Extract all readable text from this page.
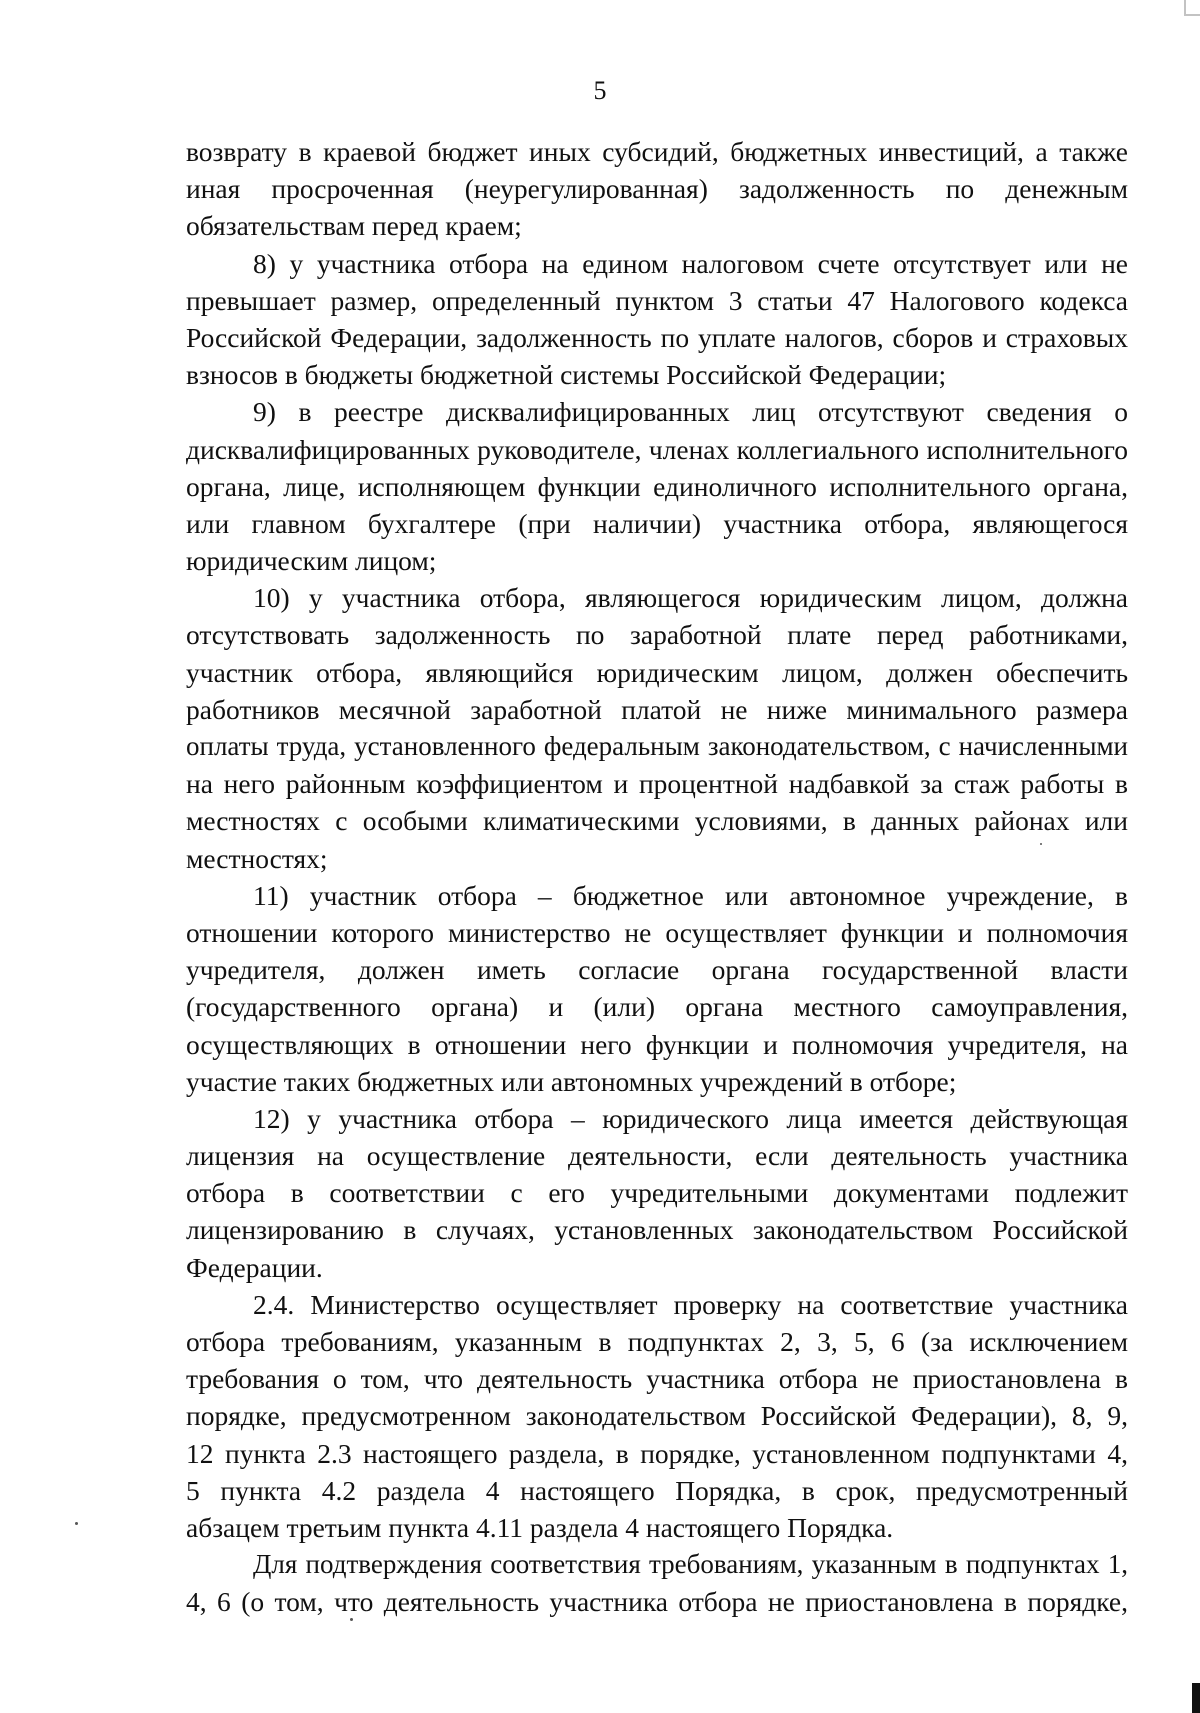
5
возврату в краевой бюджет иных субсидий, бюджетных инвестиций, а также
иная просроченная (неурегулированная) задолженность по денежным
обязательствам перед краем;
8) у участника отбора на едином налоговом счете отсутствует или не
превышает размер, определенный пунктом 3 статьи 47 Налогового кодекса
Российской Федерации, задолженность по уплате налогов, сборов и страховых
взносов в бюджеты бюджетной системы Российской Федерации;
9) в реестре дисквалифицированных лиц отсутствуют сведения о
дисквалифицированных руководителе, членах коллегиального исполнительного
органа, лице, исполняющем функции единоличного исполнительного органа,
или главном бухгалтере (при наличии) участника отбора, являющегося
юридическим лицом;
10) у участника отбора, являющегося юридическим лицом, должна
отсутствовать задолженность по заработной плате перед работниками,
участник отбора, являющийся юридическим лицом, должен обеспечить
работников месячной заработной платой не ниже минимального размера
оплаты труда, установленного федеральным законодательством, с начисленными
на него районным коэффициентом и процентной надбавкой за стаж работы в
местностях с особыми климатическими условиями, в данных районах или
местностях;
11) участник отбора – бюджетное или автономное учреждение, в
отношении которого министерство не осуществляет функции и полномочия
учредителя, должен иметь согласие органа государственной власти
(государственного органа) и (или) органа местного самоуправления,
осуществляющих в отношении него функции и полномочия учредителя, на
участие таких бюджетных или автономных учреждений в отборе;
12) у участника отбора – юридического лица имеется действующая
лицензия на осуществление деятельности, если деятельность участника
отбора в соответствии с его учредительными документами подлежит
лицензированию в случаях, установленных законодательством Российской
Федерации.
2.4. Министерство осуществляет проверку на соответствие участника
отбора требованиям, указанным в подпунктах 2, 3, 5, 6 (за исключением
требования о том, что деятельность участника отбора не приостановлена в
порядке, предусмотренном законодательством Российской Федерации), 8, 9,
12 пункта 2.3 настоящего раздела, в порядке, установленном подпунктами 4,
5 пункта 4.2 раздела 4 настоящего Порядка, в срок, предусмотренный
абзацем третьим пункта 4.11 раздела 4 настоящего Порядка.
Для подтверждения соответствия требованиям, указанным в подпунктах 1,
4, 6 (о том, что деятельность участника отбора не приостановлена в порядке,
